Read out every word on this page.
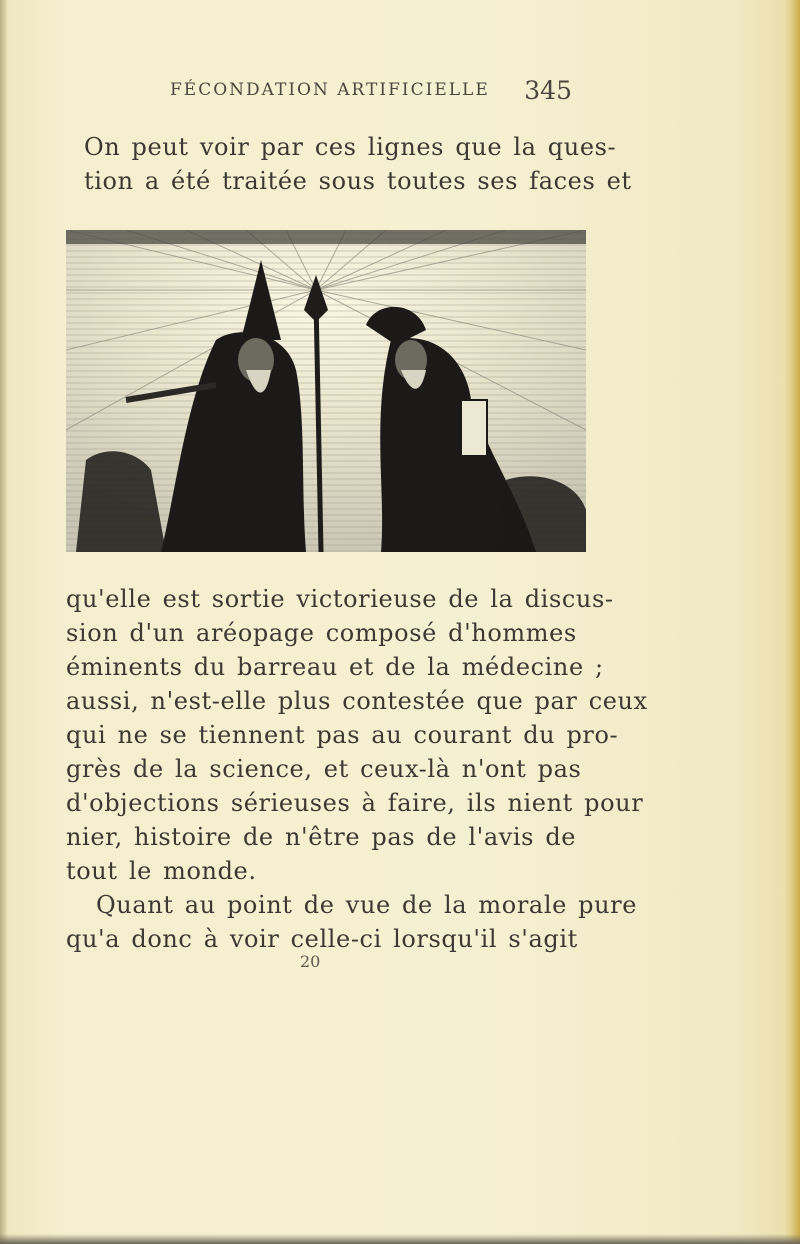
FÉCONDATION ARTIFICIELLE 345
On peut voir par ces lignes que la ques-
tion a été traitée sous toutes ses faces et
qu'elle est sortie victorieuse de la discus-
sion d'un aréopage composé d'hommes
éminents du barreau et de la médecine ;
aussi, n'est-elle plus contestée que par ceux
qui ne se tiennent pas au courant du pro-
grès de la science, et ceux-là n'ont pas
d'objections sérieuses à faire, ils nient pour
nier, histoire de n'être pas de l'avis de
tout le monde.
Quant au point de vue de la morale pure
qu'a donc à voir celle-ci lorsqu'il s'agit
20
